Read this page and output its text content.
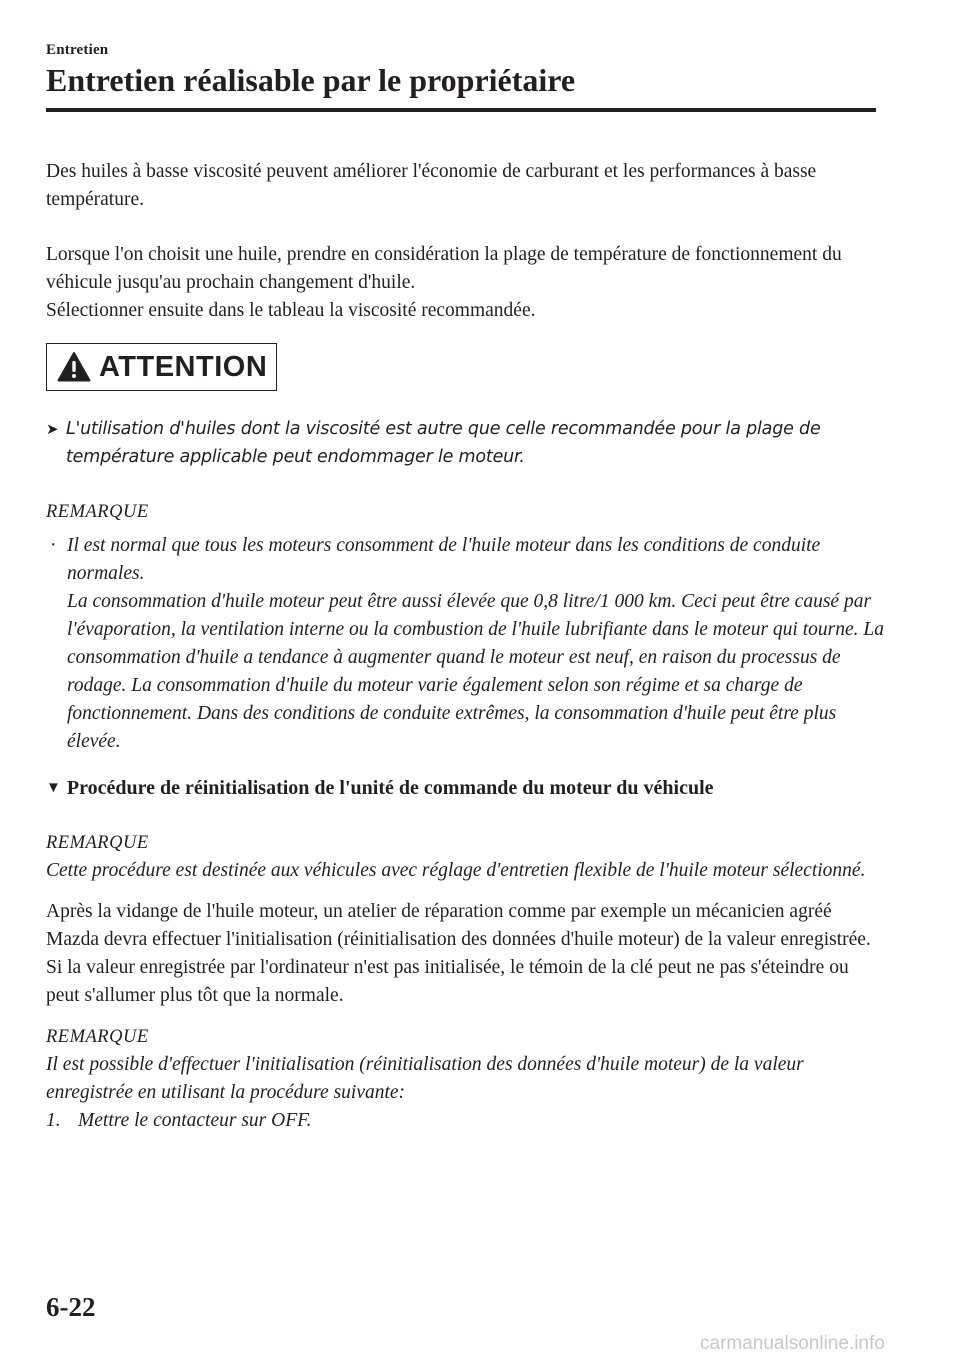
Entretien
Entretien réalisable par le propriétaire

Des huiles à basse viscosité peuvent améliorer l'économie de carburant et les performances à basse température.

Lorsque l'on choisit une huile, prendre en considération la plage de température de fonctionnement du véhicule jusqu'au prochain changement d'huile.

Sélectionner ensuite dans le tableau la viscosité recommandée.

ATTENTION
➤ L'utilisation d'huiles dont la viscosité est autre que celle recommandée pour la plage de température applicable peut endommager le moteur.

REMARQUE

· Il est normal que tous les moteurs consomment de l'huile moteur dans les conditions de conduite normales.

La consommation d'huile moteur peut être aussi élevée que 0,8 litre/1 000 km. Ceci peut être causé par l'évaporation, la ventilation interne ou la combustion de l'huile lubrifiante dans le moteur qui tourne. La consommation d'huile a tendance à augmenter quand le moteur est neuf, en raison du processus de rodage. La consommation d'huile du moteur varie également selon son régime et sa charge de fonctionnement. Dans des conditions de conduite extrêmes, la consommation d'huile peut être plus élevée.

▼ Procédure de réinitialisation de l'unité de commande du moteur du véhicule

REMARQUE

Cette procédure est destinée aux véhicules avec réglage d'entretien flexible de l'huile moteur sélectionné.

Après la vidange de l'huile moteur, un atelier de réparation comme par exemple un mécanicien agréé Mazda devra effectuer l'initialisation (réinitialisation des données d'huile moteur) de la valeur enregistrée. Si la valeur enregistrée par l'ordinateur n'est pas initialisée, le témoin de la clé peut ne pas s'éteindre ou peut s'allumer plus tôt que la normale.

REMARQUE

Il est possible d'effectuer l'initialisation (réinitialisation des données d'huile moteur) de la valeur enregistrée en utilisant la procédure suivante:

1. Mettre le contacteur sur OFF.
6-22
carmanualsonline.info
